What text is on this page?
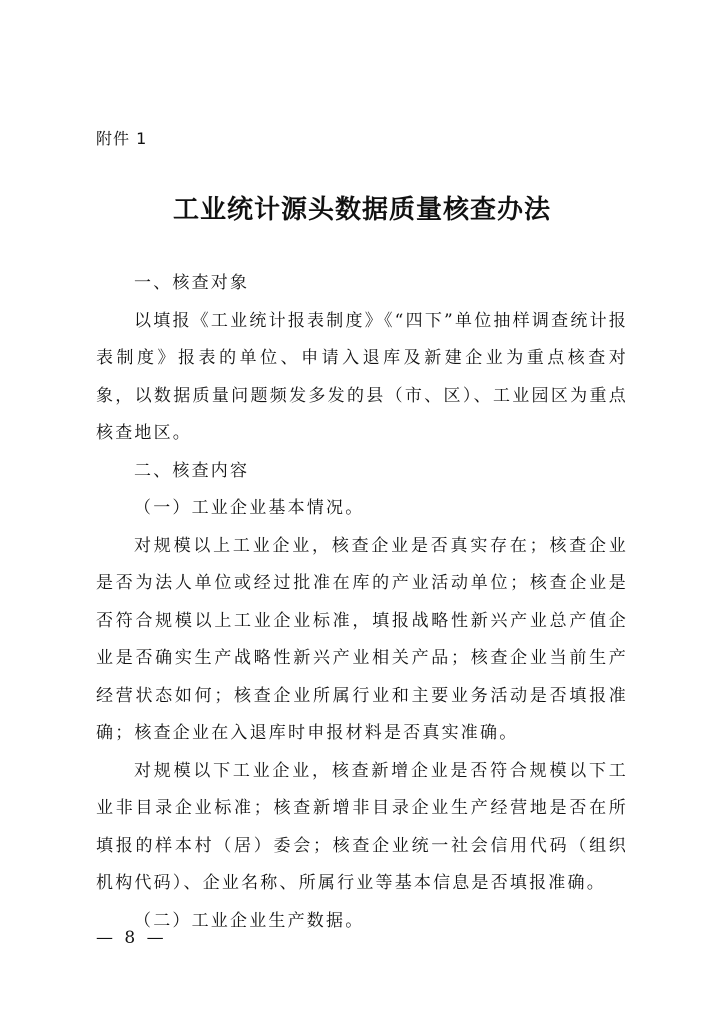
附件 1
工业统计源头数据质量核查办法

一、核查对象

以填报《工业统计报表制度》《“四下”单位抽样调查统计报表制度》报表的单位、申请入退库及新建企业为重点核查对象，以数据质量问题频发多发的县（市、区）、工业园区为重点核查地区。

二、核查内容

（一）工业企业基本情况。

对规模以上工业企业，核查企业是否真实存在；核查企业是否为法人单位或经过批准在库的产业活动单位；核查企业是否符合规模以上工业企业标准，填报战略性新兴产业总产值企业是否确实生产战略性新兴产业相关产品；核查企业当前生产经营状态如何；核查企业所属行业和主要业务活动是否填报准确；核查企业在入退库时申报材料是否真实准确。

对规模以下工业企业，核查新增企业是否符合规模以下工业非目录企业标准；核查新增非目录企业生产经营地是否在所填报的样本村（居）委会；核查企业统一社会信用代码（组织机构代码）、企业名称、所属行业等基本信息是否填报准确。

（二）工业企业生产数据。

— 8 —
